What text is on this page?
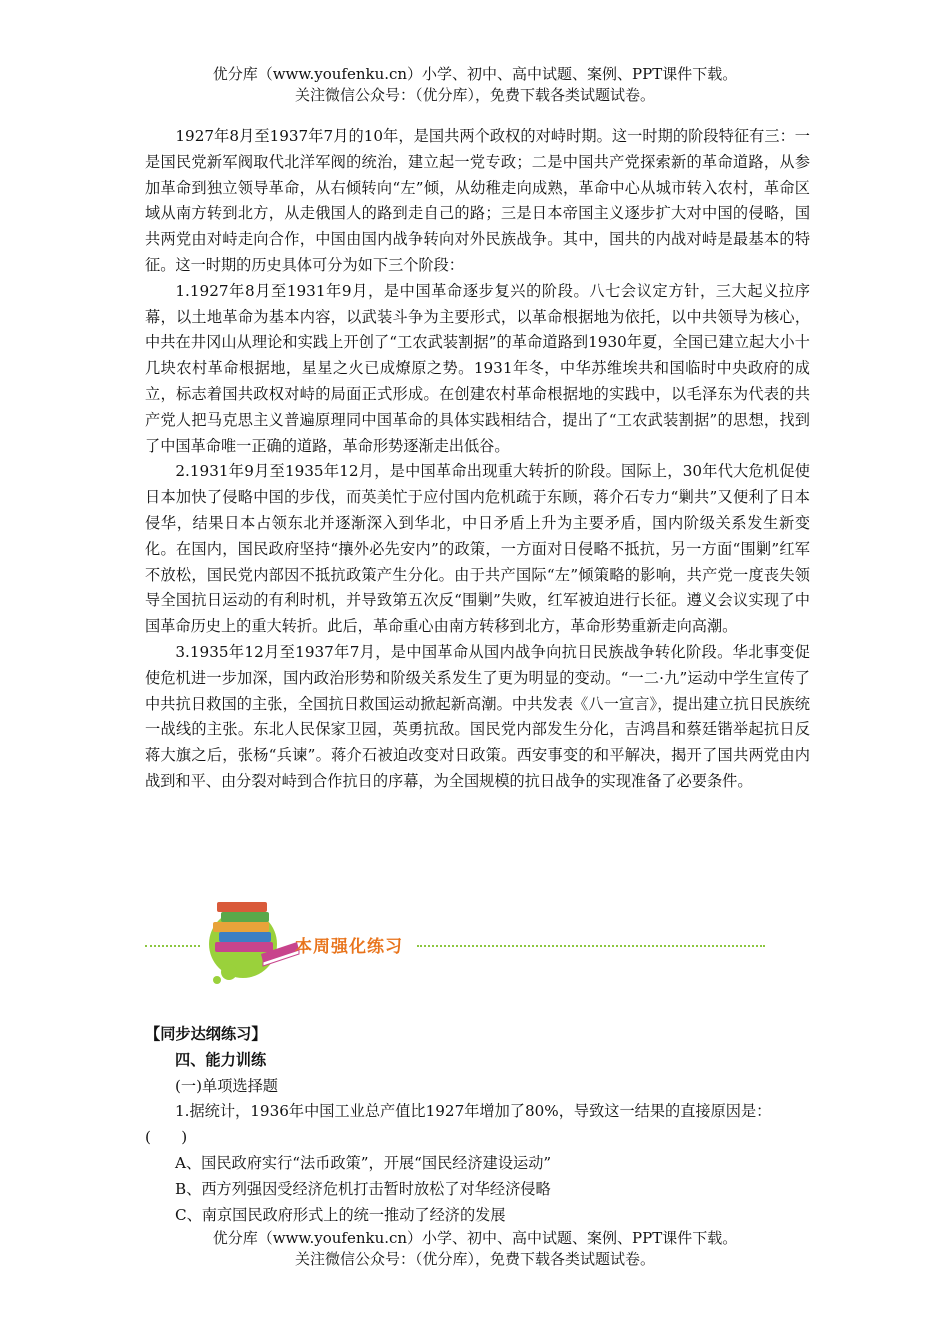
优分库（www.youfenku.cn）小学、初中、高中试题、案例、PPT课件下载。
关注微信公众号：（优分库），免费下载各类试题试卷。

1927年8月至1937年7月的10年，是国共两个政权的对峙时期。这一时期的阶段特征有三：一是国民党新军阀取代北洋军阀的统治，建立起一党专政；二是中国共产党探索新的革命道路，从参加革命到独立领导革命，从右倾转向“左”倾，从幼稚走向成熟，革命中心从城市转入农村，革命区域从南方转到北方，从走俄国人的路到走自己的路；三是日本帝国主义逐步扩大对中国的侵略，国共两党由对峙走向合作，中国由国内战争转向对外民族战争。其中，国共的内战对峙是最基本的特征。这一时期的历史具体可分为如下三个阶段：

1.1927年8月至1931年9月，是中国革命逐步复兴的阶段。八七会议定方针，三大起义拉序幕，以土地革命为基本内容，以武装斗争为主要形式，以革命根据地为依托，以中共领导为核心，中共在井冈山从理论和实践上开创了“工农武装割据”的革命道路到1930年夏，全国已建立起大小十几块农村革命根据地，星星之火已成燎原之势。1931年冬，中华苏维埃共和国临时中央政府的成立，标志着国共政权对峙的局面正式形成。在创建农村革命根据地的实践中，以毛泽东为代表的共产党人把马克思主义普遍原理同中国革命的具体实践相结合，提出了“工农武装割据”的思想，找到了中国革命唯一正确的道路，革命形势逐渐走出低谷。

2.1931年9月至1935年12月，是中国革命出现重大转折的阶段。国际上，30年代大危机促使日本加快了侵略中国的步伐，而英美忙于应付国内危机疏于东顾，蒋介石专力“剿共”又便利了日本侵华，结果日本占领东北并逐渐深入到华北，中日矛盾上升为主要矛盾，国内阶级关系发生新变化。在国内，国民政府坚持“攘外必先安内”的政策，一方面对日侵略不抵抗，另一方面“围剿”红军不放松，国民党内部因不抵抗政策产生分化。由于共产国际“左”倾策略的影响，共产党一度丧失领导全国抗日运动的有利时机，并导致第五次反“围剿”失败，红军被迫进行长征。遵义会议实现了中国革命历史上的重大转折。此后，革命重心由南方转移到北方，革命形势重新走向高潮。

3.1935年12月至1937年7月，是中国革命从国内战争向抗日民族战争转化阶段。华北事变促使危机进一步加深，国内政治形势和阶级关系发生了更为明显的变动。“一二·九”运动中学生宣传了中共抗日救国的主张，全国抗日救国运动掀起新高潮。中共发表《八一宣言》，提出建立抗日民族统一战线的主张。东北人民保家卫园，英勇抗敌。国民党内部发生分化，吉鸿昌和蔡廷锴举起抗日反蒋大旗之后，张杨“兵谏”。蒋介石被迫改变对日政策。西安事变的和平解决，揭开了国共两党由内战到和平、由分裂对峙到合作抗日的序幕，为全国规模的抗日战争的实现准备了必要条件。

本周强化练习
【同步达纲练习】
四、能力训练
(一)单项选择题
1.据统计，1936年中国工业总产值比1927年增加了80%，导致这一结果的直接原因是：
(　　)
A、国民政府实行“法币政策”，开展“国民经济建设运动”
B、西方列强因受经济危机打击暂时放松了对华经济侵略
C、南京国民政府形式上的统一推动了经济的发展
优分库（www.youfenku.cn）小学、初中、高中试题、案例、PPT课件下载。
关注微信公众号：（优分库），免费下载各类试题试卷。
